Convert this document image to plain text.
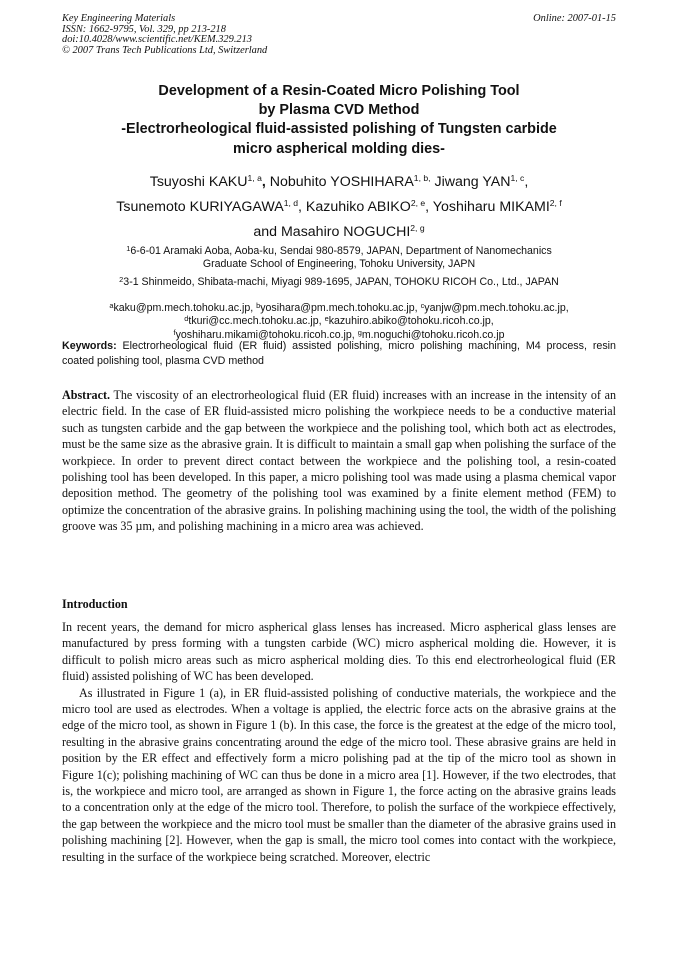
Key Engineering Materials
ISSN: 1662-9795, Vol. 329, pp 213-218
doi:10.4028/www.scientific.net/KEM.329.213
© 2007 Trans Tech Publications Ltd, Switzerland
Online: 2007-01-15
Development of a Resin-Coated Micro Polishing Tool
by Plasma CVD Method
-Electrorheological fluid-assisted polishing of Tungsten carbide
micro aspherical molding dies-
Tsuyoshi KAKU$^{1, a}$, Nobuhito $YOSHIHARA^{1, b,}$ Jiwang YAN$^{1, c}$,
Tsunemoto KURIYAGAWA$^{1, d}$, Kazuhiko ABIKO$^{2, e}$, Yoshiharu MIKAMI$^{2, f}$
and Masahiro NOGUCHI$^{2, g}$
$^1$6-6-01 Aramaki Aoba, Aoba-ku, Sendai 980-8579, JAPAN, Department of Nanomechanics
Graduate School of Engineering, Tohoku University, JAPN
$^2$3-1 Shinmeido, Shibata-machi, Miyagi 989-1695, JAPAN, TOHOKU RICOH Co., Ltd., JAPAN
$^a$kaku@pm.mech.tohoku.ac.jp, $^b$yosihara@pm.mech.tohoku.ac.jp, $^c$yanjw@pm.mech.tohoku.ac.jp,
$^d$tkuri@cc.mech.tohoku.ac.jp, $^e$kazuhiro.abiko@tohoku.ricoh.co.jp,
$^f$yoshiharu.mikami@tohoku.ricoh.co.jp, $^g$m.noguchi@tohoku.ricoh.co.jp
Keywords: Electrorheological fluid (ER fluid) assisted polishing, micro polishing machining, M4 process, resin coated polishing tool, plasma CVD method
Abstract. The viscosity of an electrorheological fluid (ER fluid) increases with an increase in the intensity of an electric field. In the case of ER fluid-assisted micro polishing the workpiece needs to be a conductive material such as tungsten carbide and the gap between the workpiece and the polishing tool, which both act as electrodes, must be the same size as the abrasive grain. It is difficult to maintain a small gap when polishing the surface of the workpiece. In order to prevent direct contact between the workpiece and the polishing tool, a resin-coated polishing tool has been developed. In this paper, a micro polishing tool was made using a plasma chemical vapor deposition method. The geometry of the polishing tool was examined by a finite element method (FEM) to optimize the concentration of the abrasive grains. In polishing machining using the tool, the width of the polishing groove was 35 µm, and polishing machining in a micro area was achieved.
Introduction

In recent years, the demand for micro aspherical glass lenses has increased. Micro aspherical glass lenses are manufactured by press forming with a tungsten carbide (WC) micro aspherical molding die. However, it is difficult to polish micro areas such as micro aspherical molding dies. To this end electrorheological fluid (ER fluid) assisted polishing of WC has been developed.

As illustrated in Figure 1 (a), in ER fluid-assisted polishing of conductive materials, the workpiece and the micro tool are used as electrodes. When a voltage is applied, the electric force acts on the abrasive grains at the edge of the micro tool, as shown in Figure 1 (b). In this case, the force is the greatest at the edge of the micro tool, resulting in the abrasive grains concentrating around the edge of the micro tool. These abrasive grains are held in position by the ER effect and effectively form a micro polishing pad at the tip of the micro tool as shown in Figure 1(c); polishing machining of WC can thus be done in a micro area [1]. However, if the two electrodes, that is, the workpiece and micro tool, are arranged as shown in Figure 1, the force acting on the abrasive grains leads to a concentration only at the edge of the micro tool. Therefore, to polish the surface of the workpiece effectively, the gap between the workpiece and the micro tool must be smaller than the diameter of the abrasive grains used in polishing machining [2]. However, when the gap is small, the micro tool comes into contact with the workpiece, resulting in the surface of the workpiece being scratched. Moreover, electric
